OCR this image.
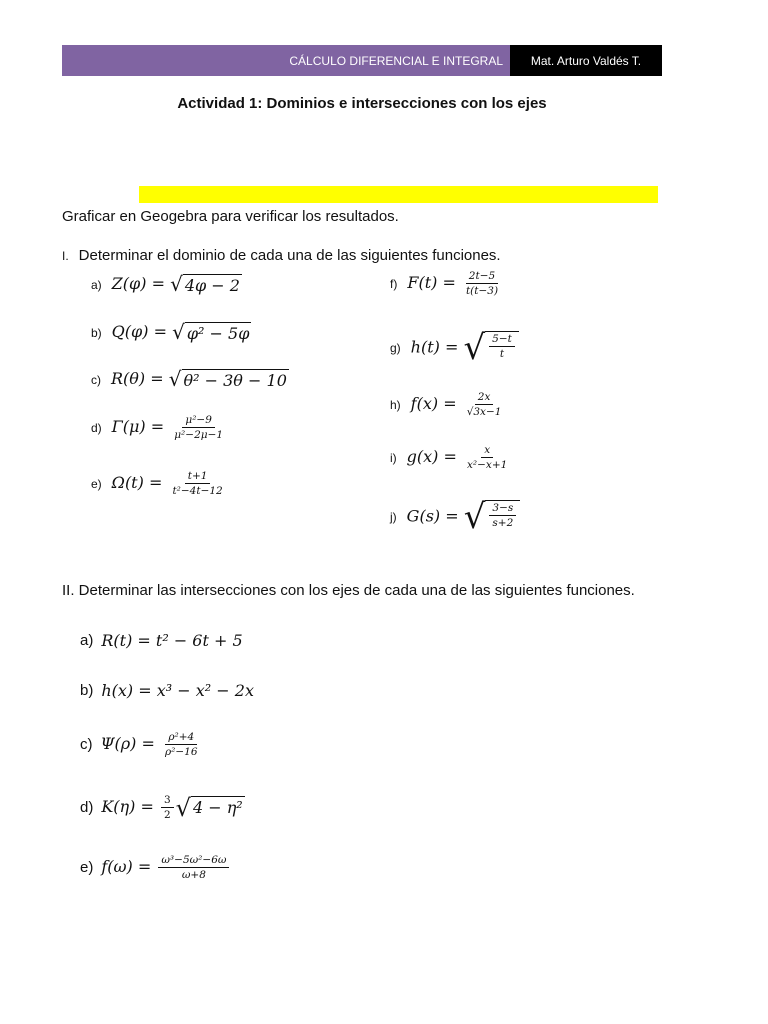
CÁLCULO DIFERENCIAL E INTEGRAL	Mat. Arturo Valdés T.
Actividad 1: Dominios e intersecciones con los ejes
Graficar en Geogebra para verificar los resultados.
I. Determinar el dominio de cada una de las siguientes funciones.
a) Z(φ) = √ 4φ − 2
b) Q(φ) = √ φ² − 5φ
c) R(θ) = √ θ² − 3θ − 10
d) $\Gamma(\mu) = \frac{\text{μ²−9}}{\text{μ²−2μ−1}}$
e) $\Omega(t) = \frac{t+1}{\text{t²−4t−12}}$
f) $F(t) = \frac{2t-5}{t(t-3)}$
g) h(t) = √ $\frac{5-t}{t}$
h) $f(x) = \frac{2x}{√3x-1}$
i) $g(x) = \frac{x}{\text{x²−x+1}}$
j) G(s) = √ $\frac{3-s}{s+2}$
II. Determinar las intersecciones con los ejes de cada una de las siguientes funciones.
a) R(t) = t² − 6t + 5
b) h(x) = x³ − x² − 2x
c) $\Psi(\rho) = \frac{\text{ρ²+4}}{\text{ρ²−16}}$
d) $K(\eta) = \frac{3}{2}$ √ 4 − η²
e) $f(\omega) = \frac{\text{ω³−5ω²−6ω}}{\omega+8}$
